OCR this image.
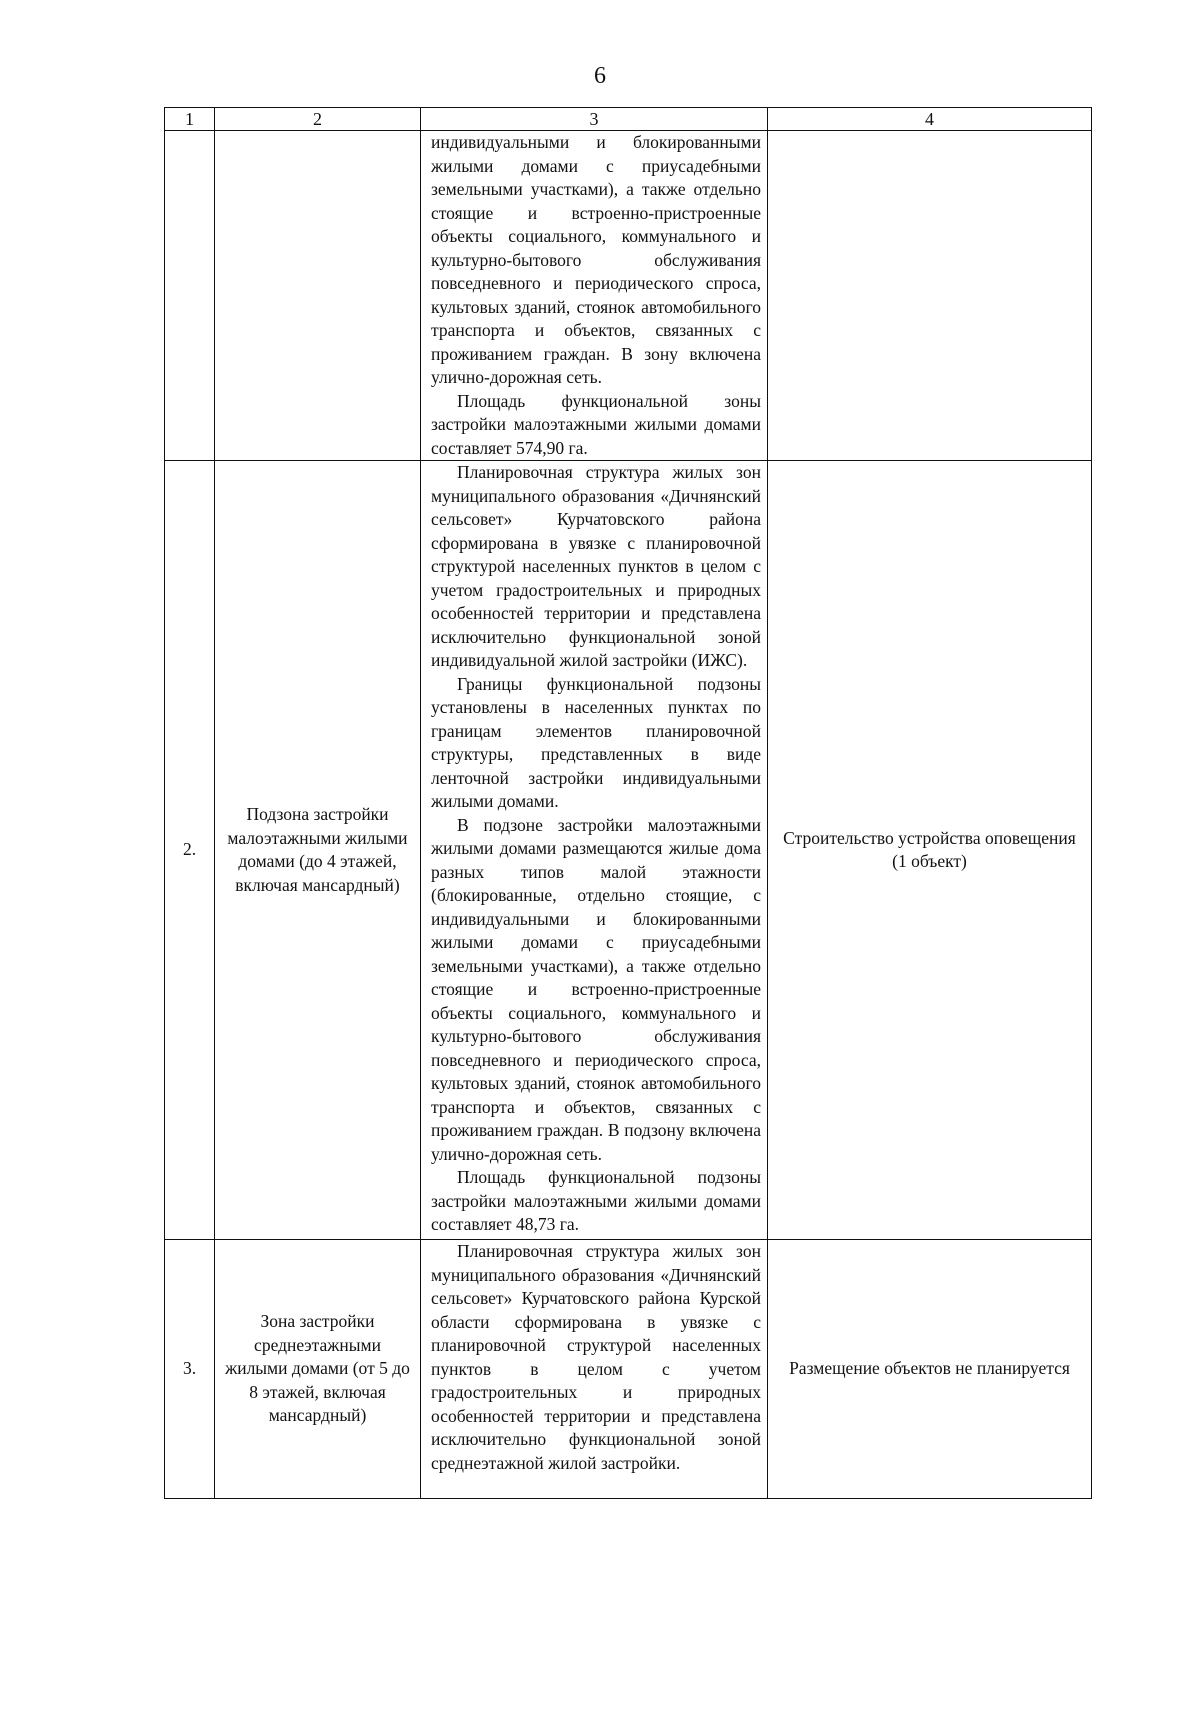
6
1	2	3	4

		индивидуальными и блокированными жилыми домами с приусадебными земельными участками), а также отдельно стоящие и встроенно-пристроенные объекты социального, коммунального и культурно-бытового обслуживания повседневного и периодического спроса, культовых зданий, стоянок автомобильного транспорта и объектов, связанных с проживанием граждан. В зону включена улично-дорожная сеть.

Площадь функциональной зоны застройки малоэтажными жилыми домами составляет 574,90 га.	

2.	Подзона застройки малоэтажными жилыми домами (до 4 этажей, включая мансардный)	Планировочная структура жилых зон муниципального образования «Дичнянский сельсовет» Курчатовского района сформирована в увязке с планировочной структурой населенных пунктов в целом с учетом градостроительных и природных особенностей территории и представлена исключительно функциональной зоной индивидуальной жилой застройки (ИЖС).

Границы функциональной подзоны установлены в населенных пунктах по границам элементов планировочной структуры, представленных в виде ленточной застройки индивидуальными жилыми домами.

В подзоне застройки малоэтажными жилыми домами размещаются жилые дома разных типов малой этажности (блокированные, отдельно стоящие, с индивидуальными и блокированными жилыми домами с приусадебными земельными участками), а также отдельно стоящие и встроенно-пристроенные объекты социального, коммунального и культурно-бытового обслуживания повседневного и периодического спроса, культовых зданий, стоянок автомобильного транспорта и объектов, связанных с проживанием граждан. В подзону включена улично-дорожная сеть.

Площадь функциональной подзоны застройки малоэтажными жилыми домами составляет 48,73 га.	Строительство устройства оповещения (1 объект)
3.	Зона застройки среднеэтажными жилыми домами (от 5 до 8 этажей, включая мансардный)	Планировочная структура жилых зон муниципального образования «Дичнянский сельсовет» Курчатовского района Курской области сформирована в увязке с планировочной структурой населенных пунктов в целом с учетом градостроительных и природных особенностей территории и представлена исключительно функциональной зоной среднеэтажной жилой застройки.	Размещение объектов не планируется
